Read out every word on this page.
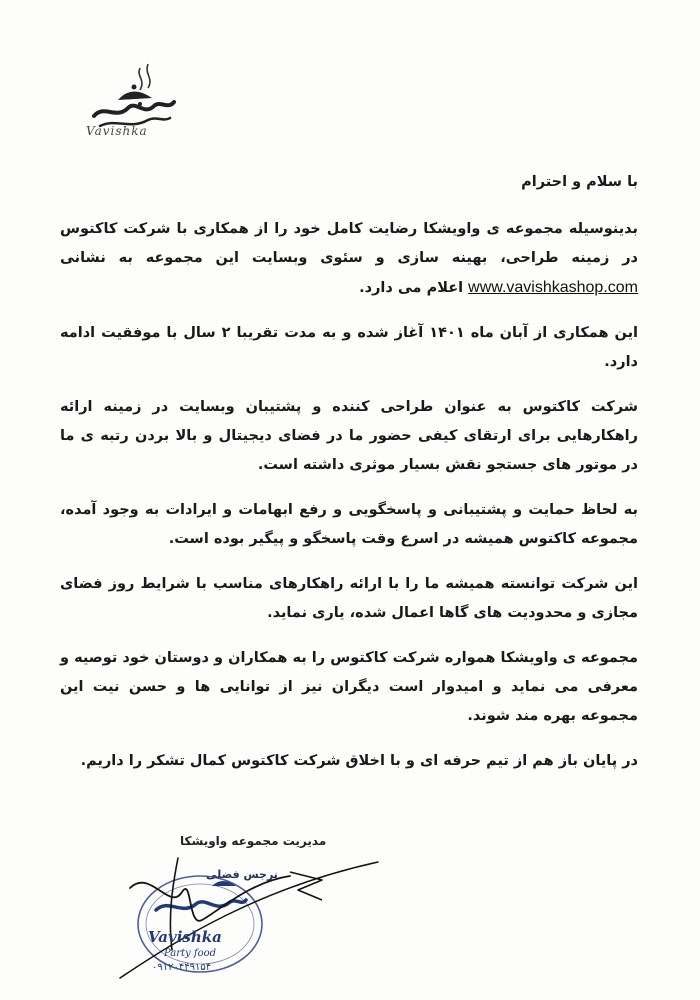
Vavishka

با سلام و احترام

بدینوسیله مجموعه ی واویشکا رضایت کامل خود را از همکاری با شرکت کاکتوس در زمینه طراحی، بهینه سازی و سئوی وبسایت این مجموعه به نشانی www.vavishkashop.com اعلام می دارد.

این همکاری از آبان ماه ۱۴۰۱ آغاز شده و به مدت تقریبا ۲ سال با موفقیت ادامه دارد.

شرکت کاکتوس به عنوان طراحی کننده و پشتیبان وبسایت در زمینه ارائه راهکارهایی برای ارتقای کیفی حضور ما در فضای دیجیتال و بالا بردن رتبه ی ما در موتور های جستجو نقش بسیار موثری داشته است.

به لحاظ حمایت و پشتیبانی و پاسخگویی و رفع ابهامات و ایرادات به وجود آمده، مجموعه کاکتوس همیشه در اسرع وقت پاسخگو و پیگیر بوده است.

این شرکت توانسته همیشه ما را با ارائه راهکارهای مناسب با شرایط روز فضای مجازی و محدودیت های گاها اعمال شده، یاری نماید.

مجموعه ی واویشکا همواره شرکت کاکتوس را به همکاران و دوستان خود توصیه و معرفی می نماید و امیدوار است دیگران نیز از توانایی ها و حسن نیت این مجموعه بهره مند شوند.

در پایان باز هم از تیم حرفه ای و با اخلاق شرکت کاکتوس کمال تشکر را داریم.

مدیریت مجموعه واویشکا
نرجس فضلی
Vavishka
Party food
۰۹۱۲۰۴۴۹۱۵۴
